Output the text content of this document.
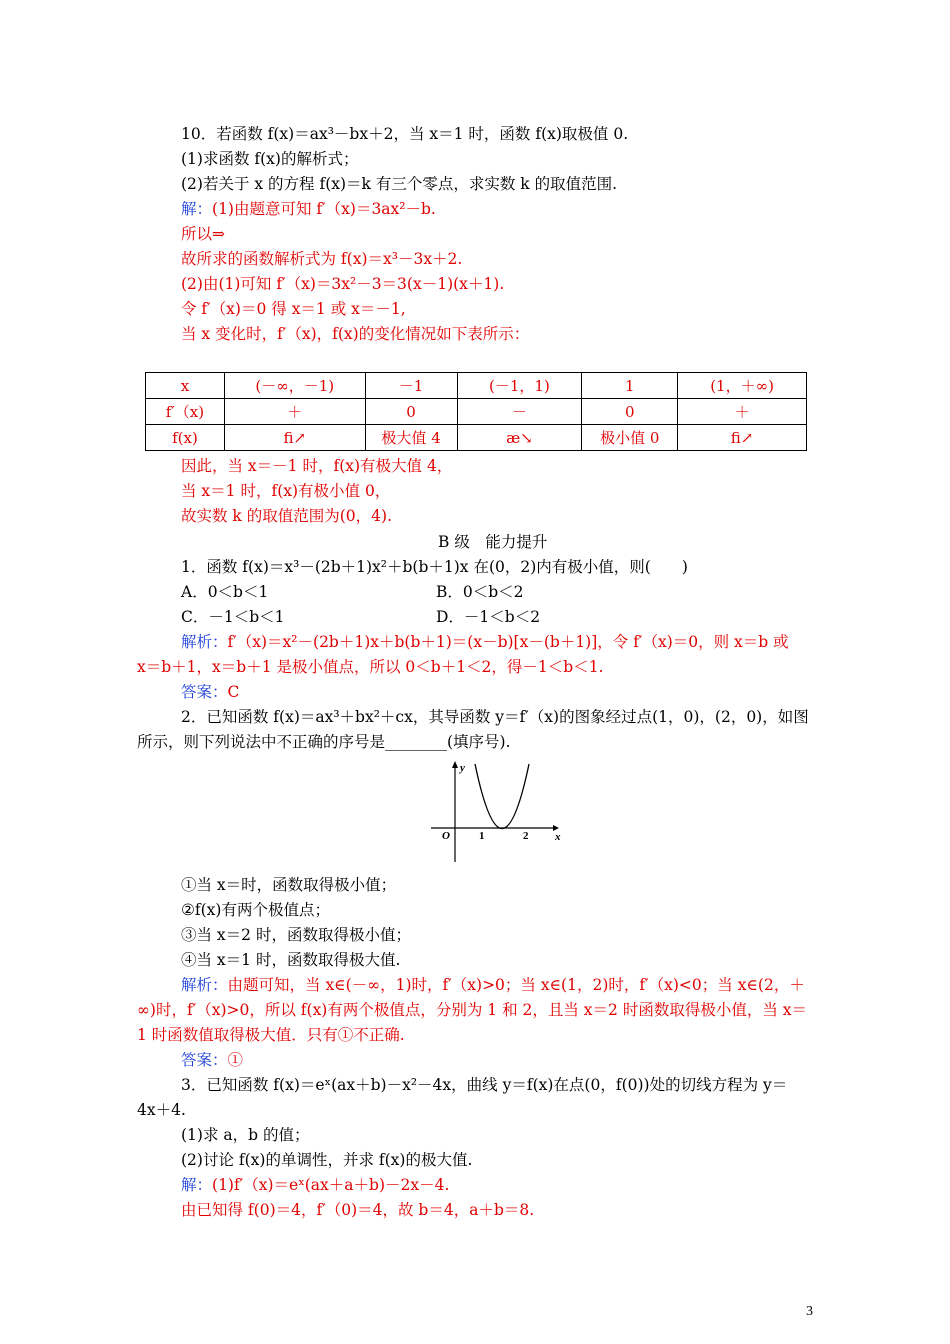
10．若函数 f(x)＝ax³－bx＋2，当 x＝1 时，函数 f(x)取极值 0.
(1)求函数 f(x)的解析式；
(2)若关于 x 的方程 f(x)＝k 有三个零点，求实数 k 的取值范围.
解：(1)由题意可知 f′（x)＝3ax²－b.
所以⇒
故所求的函数解析式为 f(x)＝x³－3x＋2.
(2)由(1)可知 f′（x)＝3x²－3＝3(x－1)(x＋1).
令 f′（x)＝0 得 x＝1 或 x＝－1,
当 x 变化时，f′（x)，f(x)的变化情况如下表所示：
x	(－∞，－1)	－1	(－1，1)	1	(1，＋∞)
f′（x)	＋	0	－	0	＋
f(x)	ﬁ↗	极大值 4	æ↘	极小值 0	ﬁ↗
因此，当 x＝－1 时，f(x)有极大值 4，
当 x＝1 时，f(x)有极小值 0，
故实数 k 的取值范围为(0，4).
B 级　能力提升
1．函数 f(x)＝x³－(2b＋1)x²＋b(b＋1)x 在(0，2)内有极小值，则(　　)
A．0＜b＜1	B．0＜b＜2
C．－1＜b＜1	D．－1＜b＜2
解析：f′（x)＝x²－(2b＋1)x＋b(b＋1)＝(x－b)[x－(b＋1)]，令 f′（x)＝0，则 x＝b 或
x＝b＋1，x＝b＋1 是极小值点，所以 0＜b＋1＜2，得－1＜b＜1.
答案：C
2．已知函数 f(x)＝ax³＋bx²＋cx，其导函数 y＝f′（x)的图象经过点(1，0)，(2，0)，如图
所示，则下列说法中不正确的序号是________(填序号).
y
x
O	1	2
①当 x＝时，函数取得极小值；
②f(x)有两个极值点；
③当 x＝2 时，函数取得极小值；
④当 x＝1 时，函数取得极大值.
解析：由题可知，当 x∈(－∞，1)时，f′（x)>0；当 x∈(1，2)时，f′（x)<0；当 x∈(2，＋
∞)时，f′（x)>0，所以 f(x)有两个极值点，分别为 1 和 2，且当 x＝2 时函数取得极小值，当 x＝
1 时函数值取得极大值．只有①不正确.
答案：①
3．已知函数 f(x)＝eˣ(ax＋b)－x²－4x，曲线 y＝f(x)在点(0，f(0))处的切线方程为 y＝
4x＋4.
(1)求 a，b 的值；
(2)讨论 f(x)的单调性，并求 f(x)的极大值.
解：(1)f′（x)＝eˣ(ax＋a＋b)－2x－4.
由已知得 f(0)＝4，f′（0)＝4，故 b＝4，a＋b＝8.
3
